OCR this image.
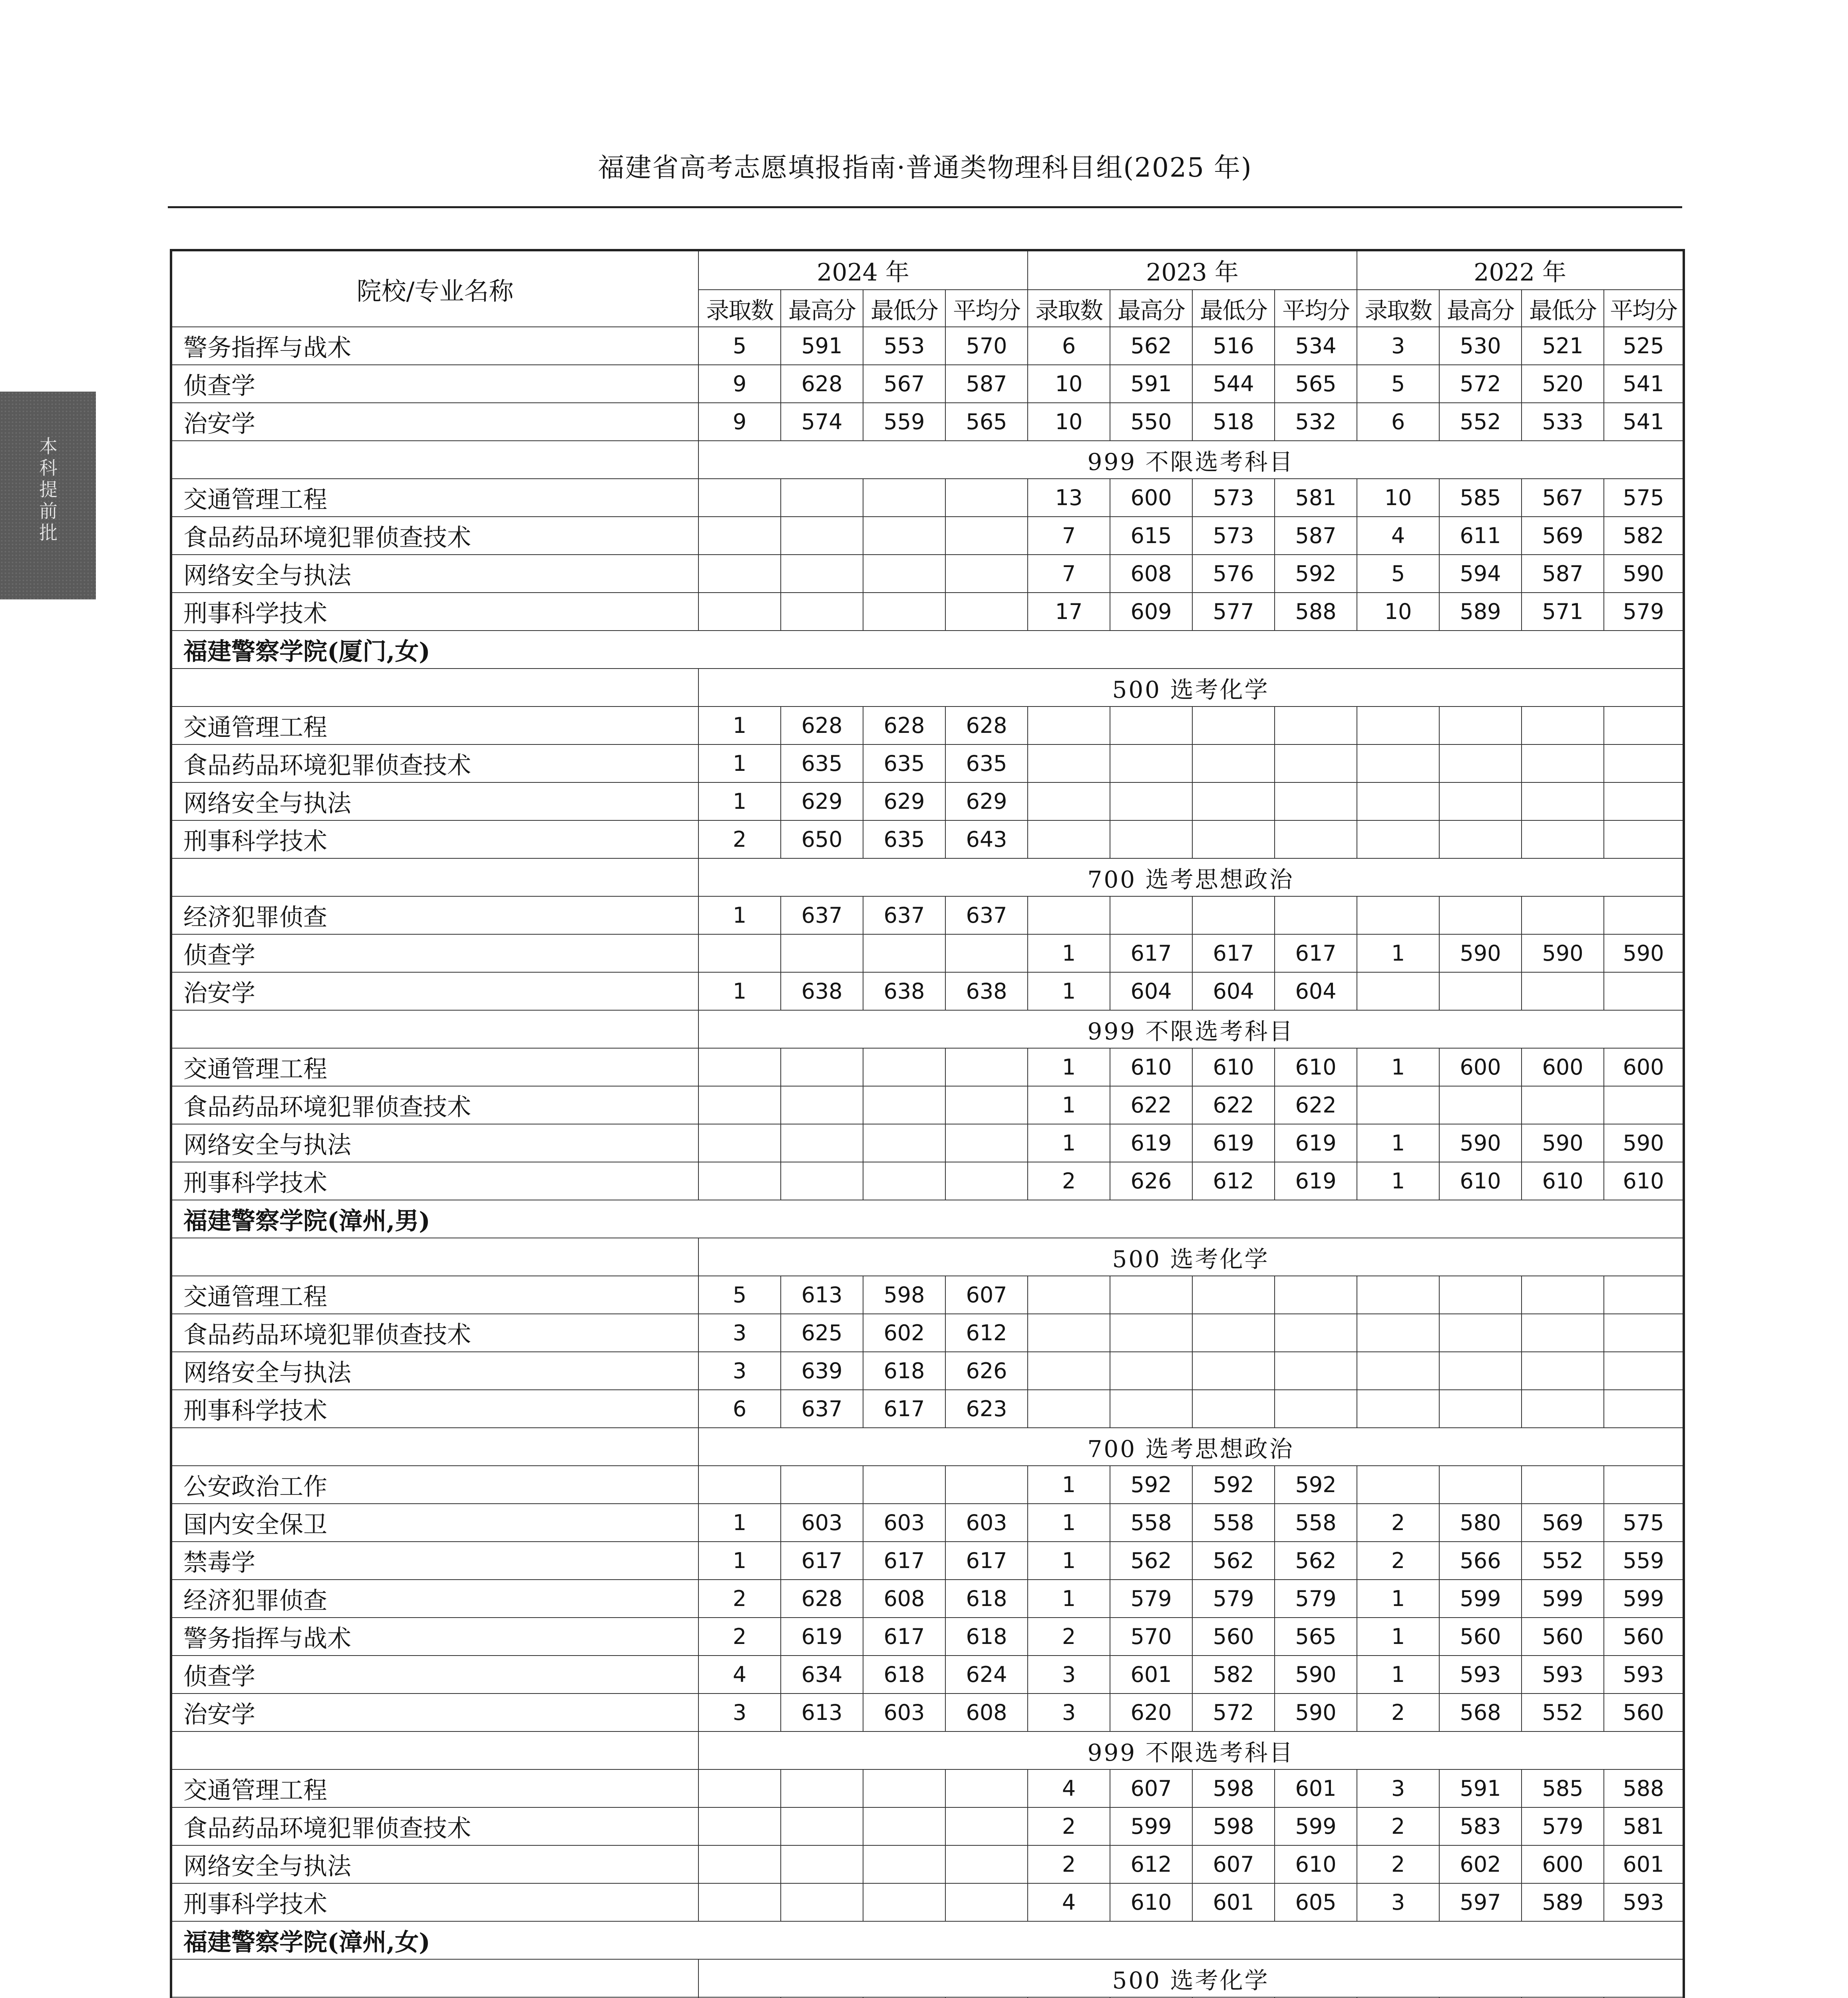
福建省高考志愿填报指南·普通类物理科目组(2025 年)
本科提前批
院校/专业名称	2024 年				2023 年				2022 年			
	录取数	最高分	最低分	平均分	录取数	最高分	最低分	平均分	录取数	最高分	最低分	平均分
警务指挥与战术	5	591	553	570	6	562	516	534	3	530	521	525
侦查学	9	628	567	587	10	591	544	565	5	572	520	541
治安学	9	574	559	565	10	550	518	532	6	552	533	541
	999 不限选考科目											
交通管理工程					13	600	573	581	10	585	567	575
食品药品环境犯罪侦查技术					7	615	573	587	4	611	569	582
网络安全与执法					7	608	576	592	5	594	587	590
刑事科学技术					17	609	577	588	10	589	571	579
福建警察学院(厦门,女)												
	500 选考化学											
交通管理工程	1	628	628	628								
食品药品环境犯罪侦查技术	1	635	635	635								
网络安全与执法	1	629	629	629								
刑事科学技术	2	650	635	643								
	700 选考思想政治											
经济犯罪侦查	1	637	637	637								
侦查学					1	617	617	617	1	590	590	590
治安学	1	638	638	638	1	604	604	604				
	999 不限选考科目											
交通管理工程					1	610	610	610	1	600	600	600
食品药品环境犯罪侦查技术					1	622	622	622				
网络安全与执法					1	619	619	619	1	590	590	590
刑事科学技术					2	626	612	619	1	610	610	610
福建警察学院(漳州,男)												
	500 选考化学											
交通管理工程	5	613	598	607								
食品药品环境犯罪侦查技术	3	625	602	612								
网络安全与执法	3	639	618	626								
刑事科学技术	6	637	617	623								
	700 选考思想政治											
公安政治工作					1	592	592	592				
国内安全保卫	1	603	603	603	1	558	558	558	2	580	569	575
禁毒学	1	617	617	617	1	562	562	562	2	566	552	559
经济犯罪侦查	2	628	608	618	1	579	579	579	1	599	599	599
警务指挥与战术	2	619	617	618	2	570	560	565	1	560	560	560
侦查学	4	634	618	624	3	601	582	590	1	593	593	593
治安学	3	613	603	608	3	620	572	590	2	568	552	560
	999 不限选考科目											
交通管理工程					4	607	598	601	3	591	585	588
食品药品环境犯罪侦查技术					2	599	598	599	2	583	579	581
网络安全与执法					2	612	607	610	2	602	600	601
刑事科学技术					4	610	601	605	3	597	589	593
福建警察学院(漳州,女)												
	500 选考化学											
